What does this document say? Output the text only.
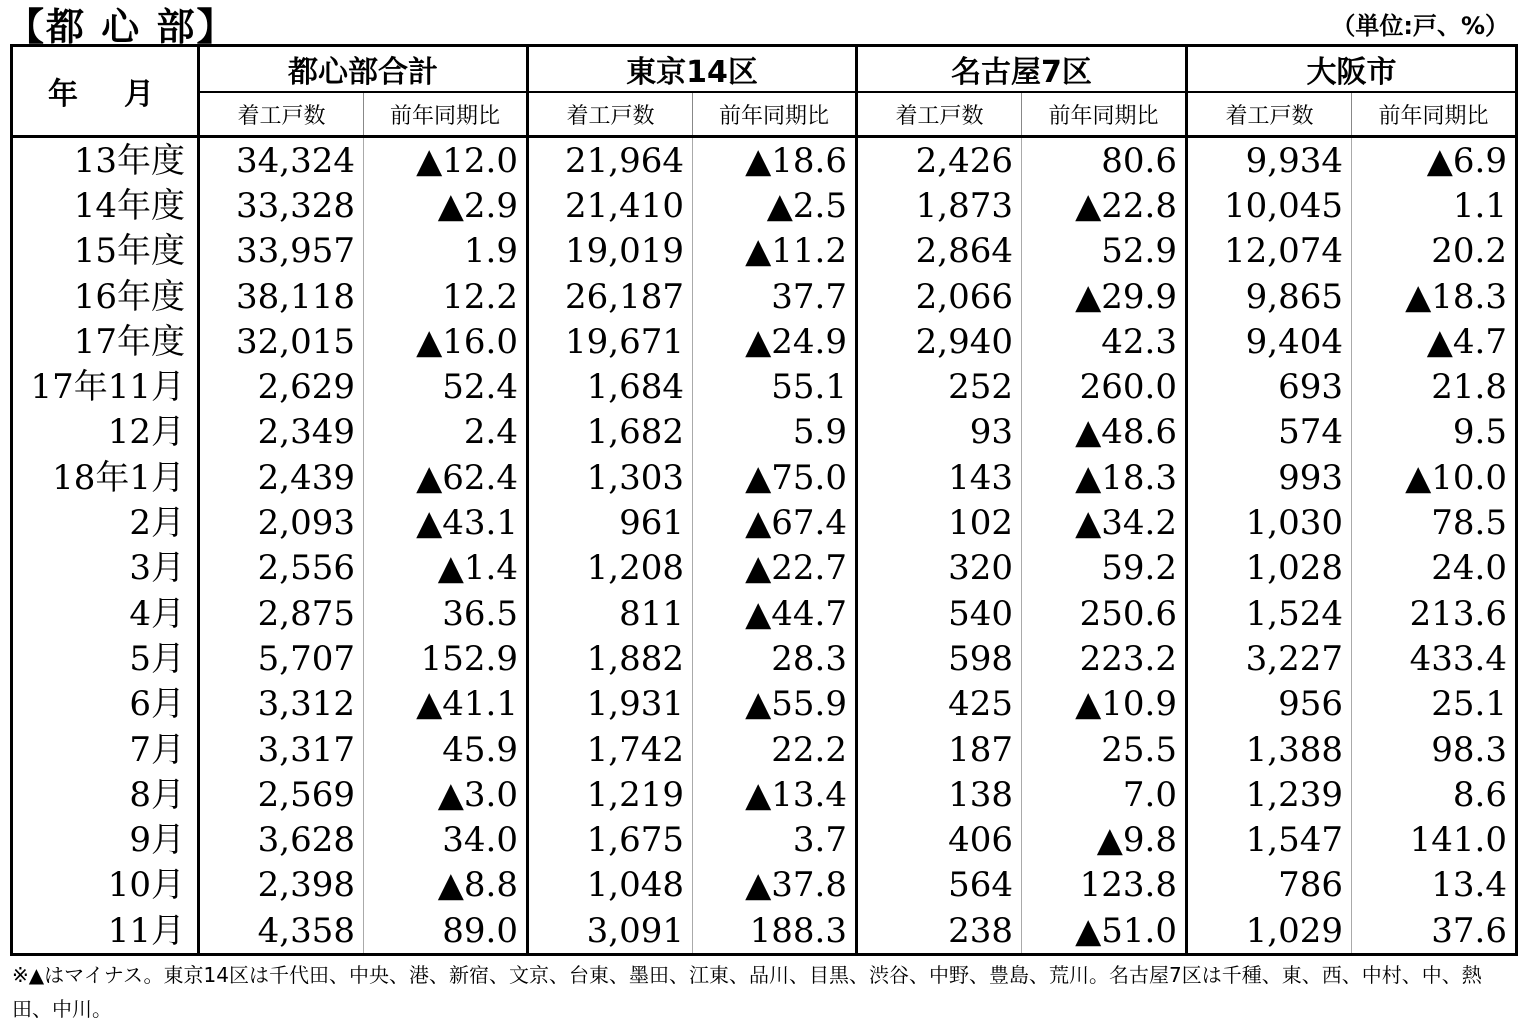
【都 心 部】	（単位:戸、%）
年　月	都心部合計		東京14区		名古屋7区		大阪市	
	着工戸数	前年同期比	着工戸数	前年同期比	着工戸数	前年同期比	着工戸数	前年同期比
13年度	34,324	▲12.0	21,964	▲18.6	2,426	80.6	9,934	▲6.9
14年度	33,328	▲2.9	21,410	▲2.5	1,873	▲22.8	10,045	1.1
15年度	33,957	1.9	19,019	▲11.2	2,864	52.9	12,074	20.2
16年度	38,118	12.2	26,187	37.7	2,066	▲29.9	9,865	▲18.3
17年度	32,015	▲16.0	19,671	▲24.9	2,940	42.3	9,404	▲4.7
17年11月	2,629	52.4	1,684	55.1	252	260.0	693	21.8
12月	2,349	2.4	1,682	5.9	93	▲48.6	574	9.5
18年1月	2,439	▲62.4	1,303	▲75.0	143	▲18.3	993	▲10.0
2月	2,093	▲43.1	961	▲67.4	102	▲34.2	1,030	78.5
3月	2,556	▲1.4	1,208	▲22.7	320	59.2	1,028	24.0
4月	2,875	36.5	811	▲44.7	540	250.6	1,524	213.6
5月	5,707	152.9	1,882	28.3	598	223.2	3,227	433.4
6月	3,312	▲41.1	1,931	▲55.9	425	▲10.9	956	25.1
7月	3,317	45.9	1,742	22.2	187	25.5	1,388	98.3
8月	2,569	▲3.0	1,219	▲13.4	138	7.0	1,239	8.6
9月	3,628	34.0	1,675	3.7	406	▲9.8	1,547	141.0
10月	2,398	▲8.8	1,048	▲37.8	564	123.8	786	13.4
11月	4,358	89.0	3,091	188.3	238	▲51.0	1,029	37.6
※▲はマイナス。東京14区は千代田、中央、港、新宿、文京、台東、墨田、江東、品川、目黒、渋谷、中野、豊島、荒川。名古屋7区は千種、東、西、中村、中、熱田、中川。
